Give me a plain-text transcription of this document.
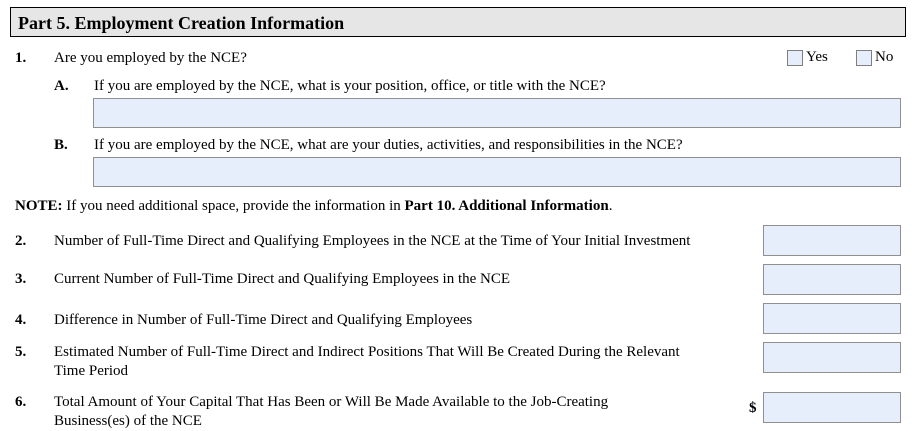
Part 5. Employment Creation Information
1. Are you employed by the NCE?	Yes	No
A. If you are employed by the NCE, what is your position, office, or title with the NCE?
B. If you are employed by the NCE, what are your duties, activities, and responsibilities in the NCE?
NOTE: If you need additional space, provide the information in Part 10. Additional Information.
2. Number of Full-Time Direct and Qualifying Employees in the NCE at the Time of Your Initial Investment
3. Current Number of Full-Time Direct and Qualifying Employees in the NCE
4. Difference in Number of Full-Time Direct and Qualifying Employees
5. Estimated Number of Full-Time Direct and Indirect Positions That Will Be Created During the Relevant
Time Period
6. Total Amount of Your Capital That Has Been or Will Be Made Available to the Job-Creating
Business(es) of the NCE
$
